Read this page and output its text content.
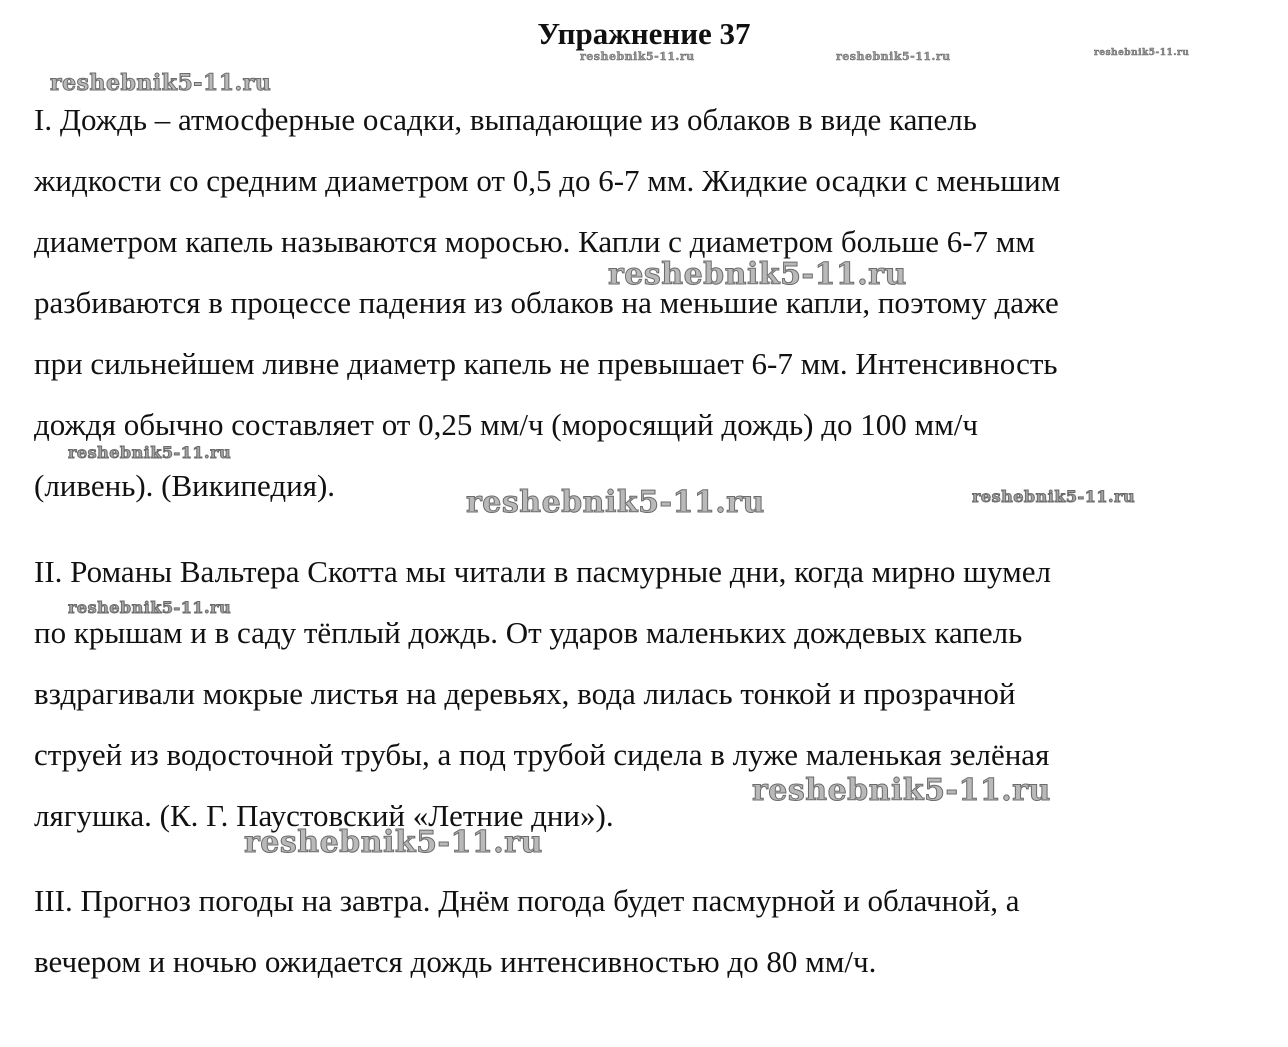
Упражнение 37
I. Дождь – атмосферные осадки, выпадающие из облаков в виде капель
жидкости со средним диаметром от 0,5 до 6-7 мм. Жидкие осадки с меньшим
диаметром капель называются моросью. Капли с диаметром больше 6-7 мм
разбиваются в процессе падения из облаков на меньшие капли, поэтому даже
при сильнейшем ливне диаметр капель не превышает 6-7 мм. Интенсивность
дождя обычно составляет от 0,25 мм/ч (моросящий дождь) до 100 мм/ч
(ливень). (Википедия).
II. Романы Вальтера Скотта мы читали в пасмурные дни, когда мирно шумел
по крышам и в саду тёплый дождь. От ударов маленьких дождевых капель
вздрагивали мокрые листья на деревьях, вода лилась тонкой и прозрачной
струей из водосточной трубы, а под трубой сидела в луже маленькая зелёная
лягушка. (К. Г. Паустовский «Летние дни»).
III. Прогноз погоды на завтра. Днём погода будет пасмурной и облачной, а
вечером и ночью ожидается дождь интенсивностью до 80 мм/ч.
reshebnik5-11.ru	reshebnik5-11.ru	reshebnik5-11.ru
reshebnik5-11.ru
reshebnik5-11.ru
reshebnik5-11.ru
reshebnik5-11.ru	reshebnik5-11.ru
reshebnik5-11.ru
reshebnik5-11.ru
reshebnik5-11.ru
